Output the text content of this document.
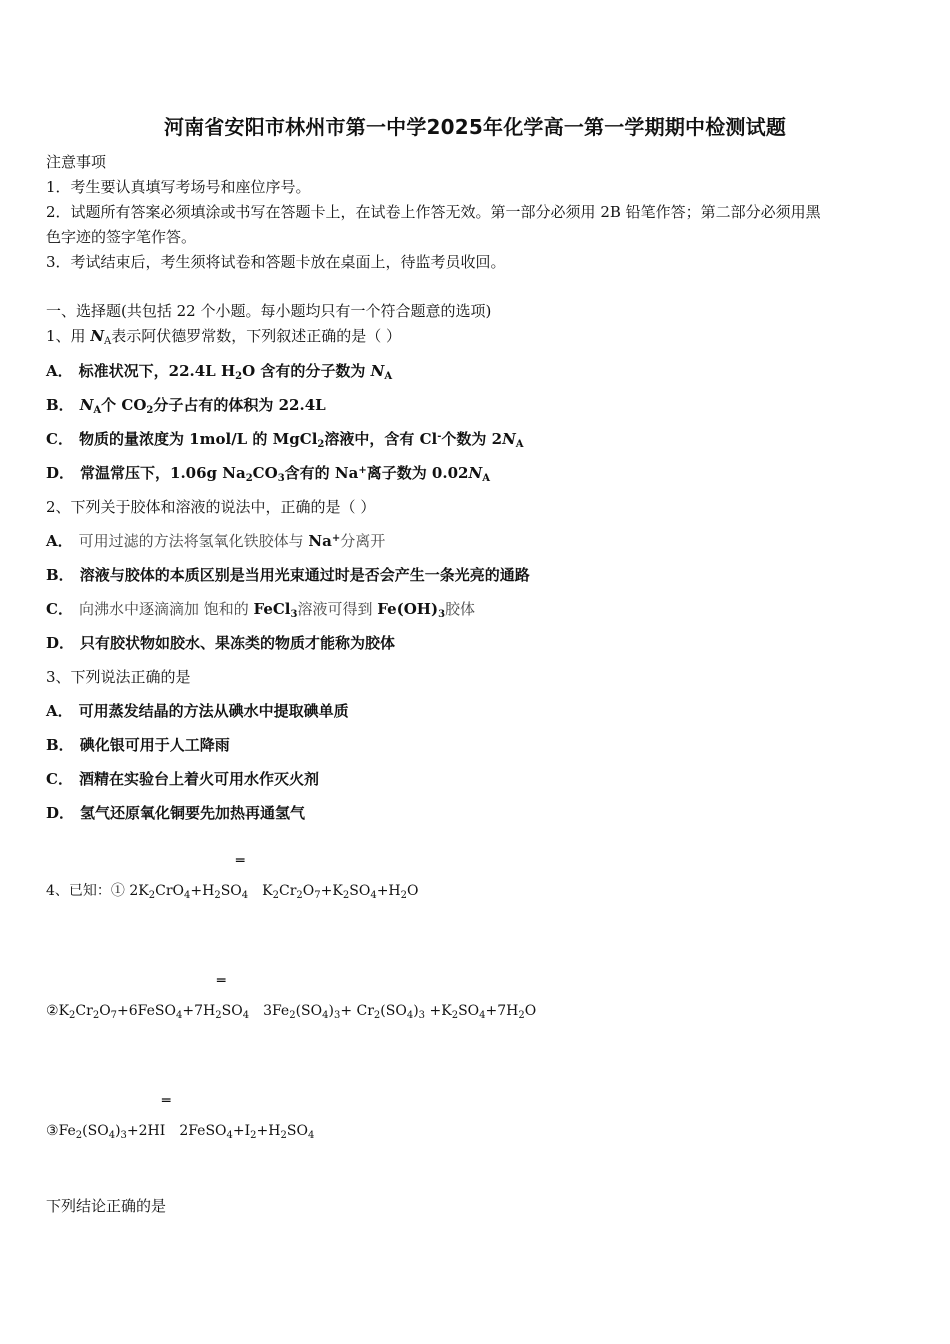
河南省安阳市林州市第一中学2025年化学高一第一学期期中检测试题
注意事项
1．考生要认真填写考场号和座位序号。
2．试题所有答案必须填涂或书写在答题卡上，在试卷上作答无效。第一部分必须用 2B 铅笔作答；第二部分必须用黑
色字迹的签字笔作答。
3．考试结束后，考生须将试卷和答题卡放在桌面上，待监考员收回。
一、选择题(共包括 22 个小题。每小题均只有一个符合题意的选项)
1、用 $N_A$表示阿伏德罗常数，下列叙述正确的是（ ）
A． 标准状况下，22.4L $H_2O$ 含有的分子数为 $N_A$
B． $N_A$个 $CO_2$分子占有的体积为 22.4L
C． 物质的量浓度为 1mol/L 的 MgCl$_2$溶液中，含有 Cl-个数为 $2N_A$
D． 常温常压下，1.06g $Na_2CO_3$含有的 Na+离子数为 $0.02N_A$
2、下列关于胶体和溶液的说法中，正确的是（ ）
A． 可用过滤的方法将氢氧化铁胶体与 Na+分离开
B． 溶液与胶体的本质区别是当用光束通过时是否会产生一条光亮的通路
C． 向沸水中逐滴滴加 饱和的 FeCl$_3$溶液可得到 $Fe(OH)_3$胶体
D． 只有胶状物如胶水、果冻类的物质才能称为胶体
3、下列说法正确的是
A． 可用蒸发结晶的方法从碘水中提取碘单质
B． 碘化银可用于人工降雨
C． 酒精在实验台上着火可用水作灭火剂
D． 氢气还原氧化铜要先加热再通氢气
═
4、已知：① $2K_2CrO_4+H_2SO_4$ $K_2Cr_2O_7+K_2SO_4+H_2O$
═
$②K_2Cr_2O_7+6FeSO_4+7H_2SO_4$ $3Fe_2(SO_4)_3+ Cr_2(SO_4)_3 +K_2SO_4+7H_2O$
═
$③Fe_2(SO_4)_3+2HI$ $2FeSO_4+I_2+H_2SO_4$
下列结论正确的是
